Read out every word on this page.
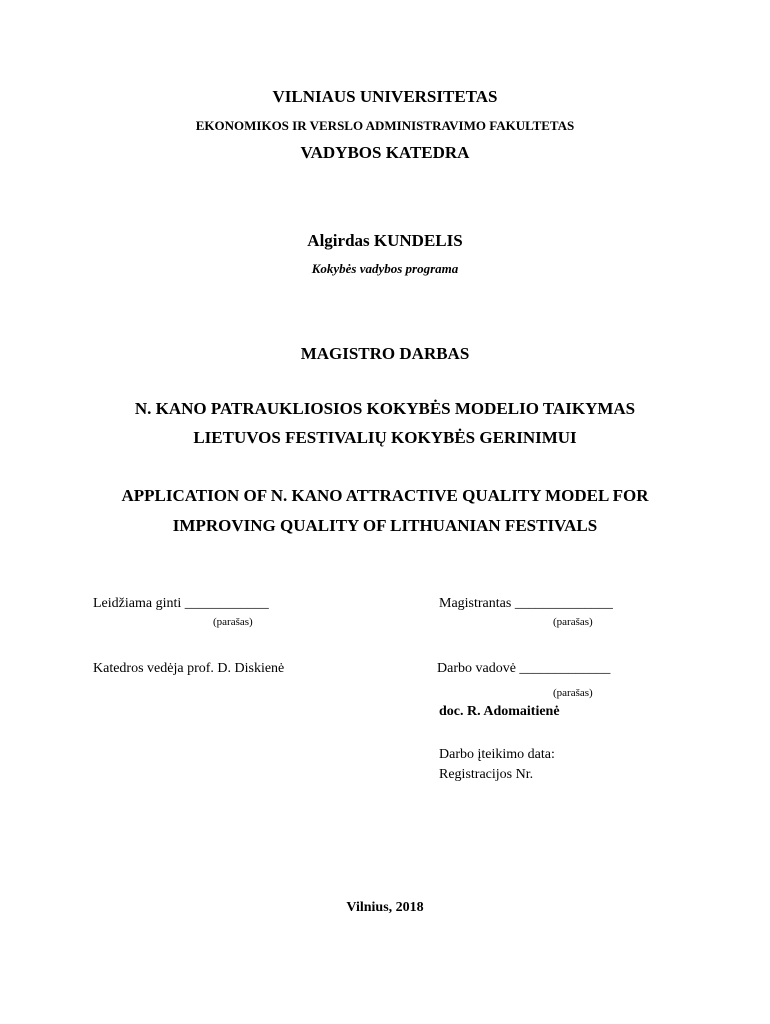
VILNIAUS UNIVERSITETAS
EKONOMIKOS IR VERSLO ADMINISTRAVIMO FAKULTETAS
VADYBOS KATEDRA
Algirdas KUNDELIS
Kokybės vadybos programa
MAGISTRO DARBAS
N. KANO PATRAUKLIOSIOS KOKYBĖS MODELIO TAIKYMAS
LIETUVOS FESTIVALIŲ KOKYBĖS GERINIMUI
APPLICATION OF N. KANO ATTRACTIVE QUALITY MODEL FOR
IMPROVING QUALITY OF LITHUANIAN FESTIVALS
Leidžiama ginti ____________
(parašas)
Magistrantas ______________
(parašas)
Katedros vedėja prof. D. Diskienė	Darbo vadovė _____________
(parašas)
doc. R. Adomaitienė
Darbo įteikimo data:
Registracijos Nr.
Vilnius, 2018
